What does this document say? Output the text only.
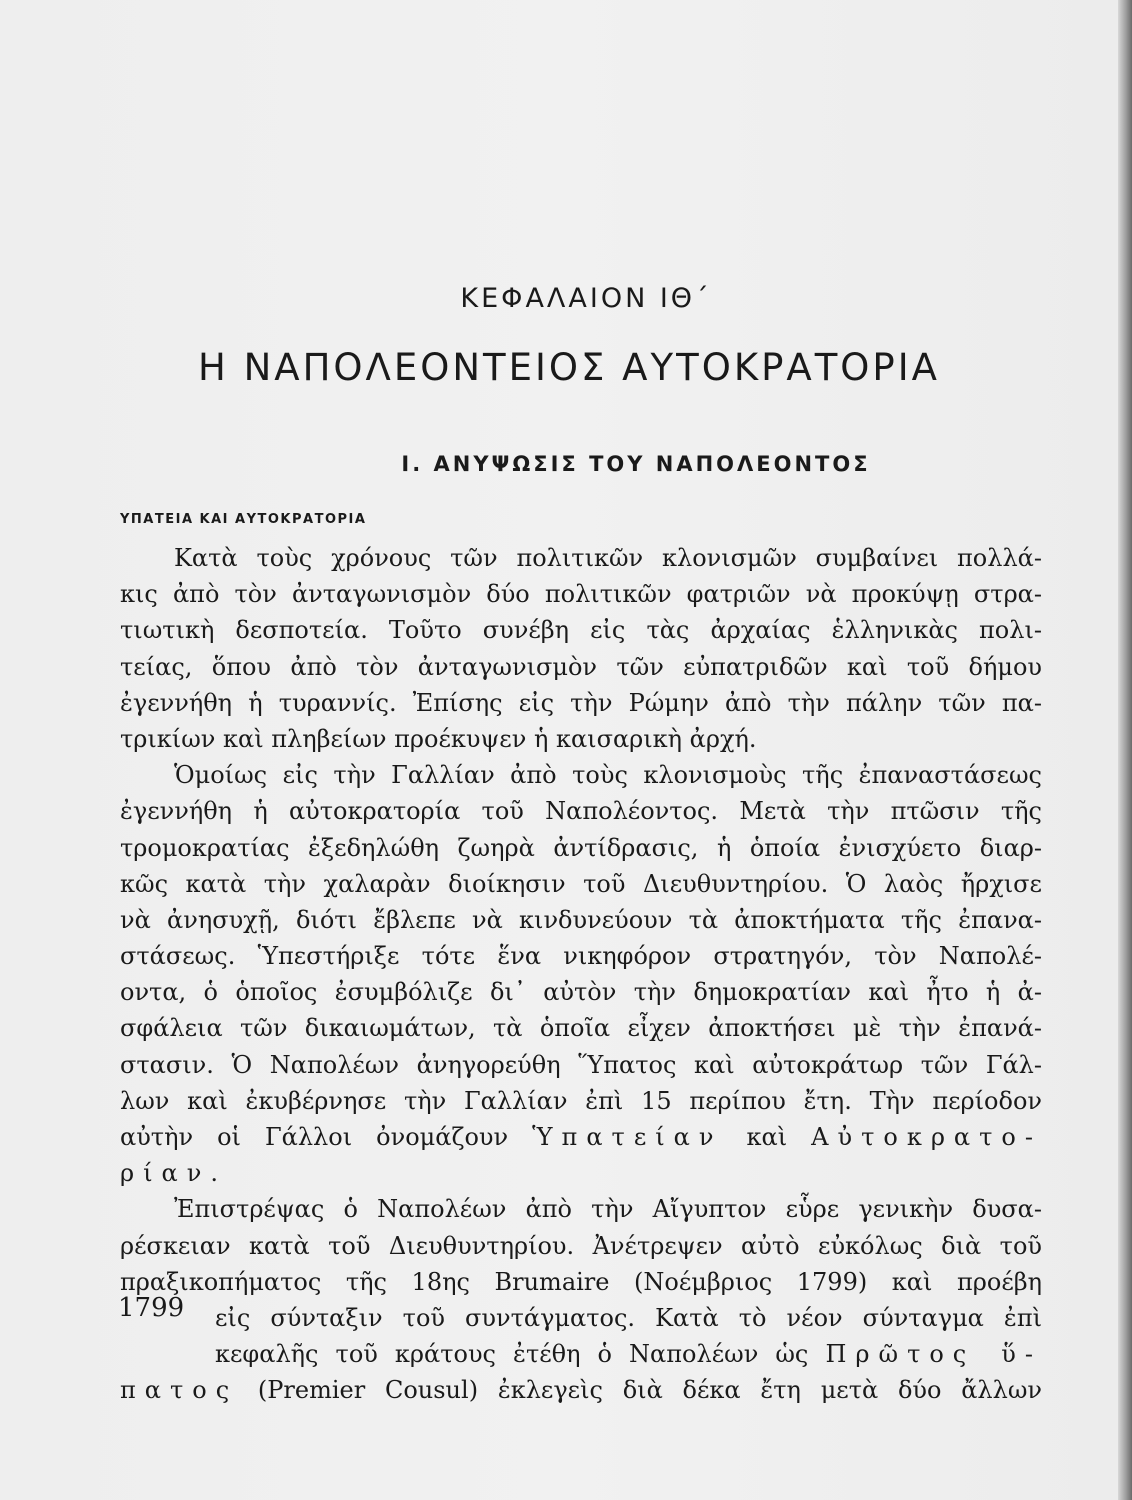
ΚΕΦΑΛΑΙΟΝ ΙΘ΄
Η ΝΑΠΟΛΕΟΝΤΕΙΟΣ ΑΥΤΟΚΡΑΤΟΡΙΑ
Ι. ΑΝΥΨΩΣΙΣ ΤΟΥ ΝΑΠΟΛΕΟΝΤΟΣ
ΥΠΑΤΕΙΑ ΚΑΙ ΑΥΤΟΚΡΑΤΟΡΙΑ
Κατὰ τοὺς χρόνους τῶν πολιτικῶν κλονισμῶν συμβαίνει πολλά-
κις ἀπὸ τὸν ἀνταγωνισμὸν δύο πολιτικῶν φατριῶν νὰ προκύψῃ στρα-
τιωτικὴ δεσποτεία. Τοῦτο συνέβη εἰς τὰς ἀρχαίας ἑλληνικὰς πολι-
τείας, ὅπου ἀπὸ τὸν ἀνταγωνισμὸν τῶν εὐπατριδῶν καὶ τοῦ δήμου
ἐγεννήθη ἡ τυραννίς. Ἐπίσης εἰς τὴν Ρώμην ἀπὸ τὴν πάλην τῶν πα-
τρικίων καὶ πληβείων προέκυψεν ἡ καισαρικὴ ἀρχή.
Ὁμοίως εἰς τὴν Γαλλίαν ἀπὸ τοὺς κλονισμοὺς τῆς ἐπαναστάσεως
ἐγεννήθη ἡ αὐτοκρατορία τοῦ Ναπολέοντος. Μετὰ τὴν πτῶσιν τῆς
τρομοκρατίας ἐξεδηλώθη ζωηρὰ ἀντίδρασις, ἡ ὁποία ἐνισχύετο διαρ-
κῶς κατὰ τὴν χαλαρὰν διοίκησιν τοῦ Διευθυντηρίου. Ὁ λαὸς ἤρχισε
νὰ ἀνησυχῇ, διότι ἔβλεπε νὰ κινδυνεύουν τὰ ἀποκτήματα τῆς ἐπανα-
στάσεως. Ὑπεστήριξε τότε ἕνα νικηφόρον στρατηγόν, τὸν Ναπολέ-
οντα, ὁ ὁποῖος ἐσυμβόλιζε δι᾿ αὐτὸν τὴν δημοκρατίαν καὶ ἦτο ἡ ἀ-
σφάλεια τῶν δικαιωμάτων, τὰ ὁποῖα εἶχεν ἀποκτήσει μὲ τὴν ἐπανά-
στασιν. Ὁ Ναπολέων ἀνηγορεύθη Ὕπατος καὶ αὐτοκράτωρ τῶν Γάλ-
λων καὶ ἐκυβέρνησε τὴν Γαλλίαν ἐπὶ 15 περίπου ἔτη. Τὴν περίοδον
αὐτὴν οἱ Γάλλοι ὀνομάζουν Ὑπατείαν καὶ Αὐτοκρατο-
ρίαν.
Ἐπιστρέψας ὁ Ναπολέων ἀπὸ τὴν Αἴγυπτον εὗρε γενικὴν δυσα-
ρέσκειαν κατὰ τοῦ Διευθυντηρίου. Ἀνέτρεψεν αὐτὸ εὐκόλως διὰ τοῦ
πραξικοπήματος τῆς 18ης Brumaire (Νοέμβριος 1799) καὶ προέβη
εἰς σύνταξιν τοῦ συντάγματος. Κατὰ τὸ νέον σύνταγμα ἐπὶ
κεφαλῆς τοῦ κράτους ἐτέθη ὁ Ναπολέων ὡς Πρῶτος ὕ-
πατος (Premier Cousul) ἐκλεγεὶς διὰ δέκα ἔτη μετὰ δύο ἄλλων
1799
